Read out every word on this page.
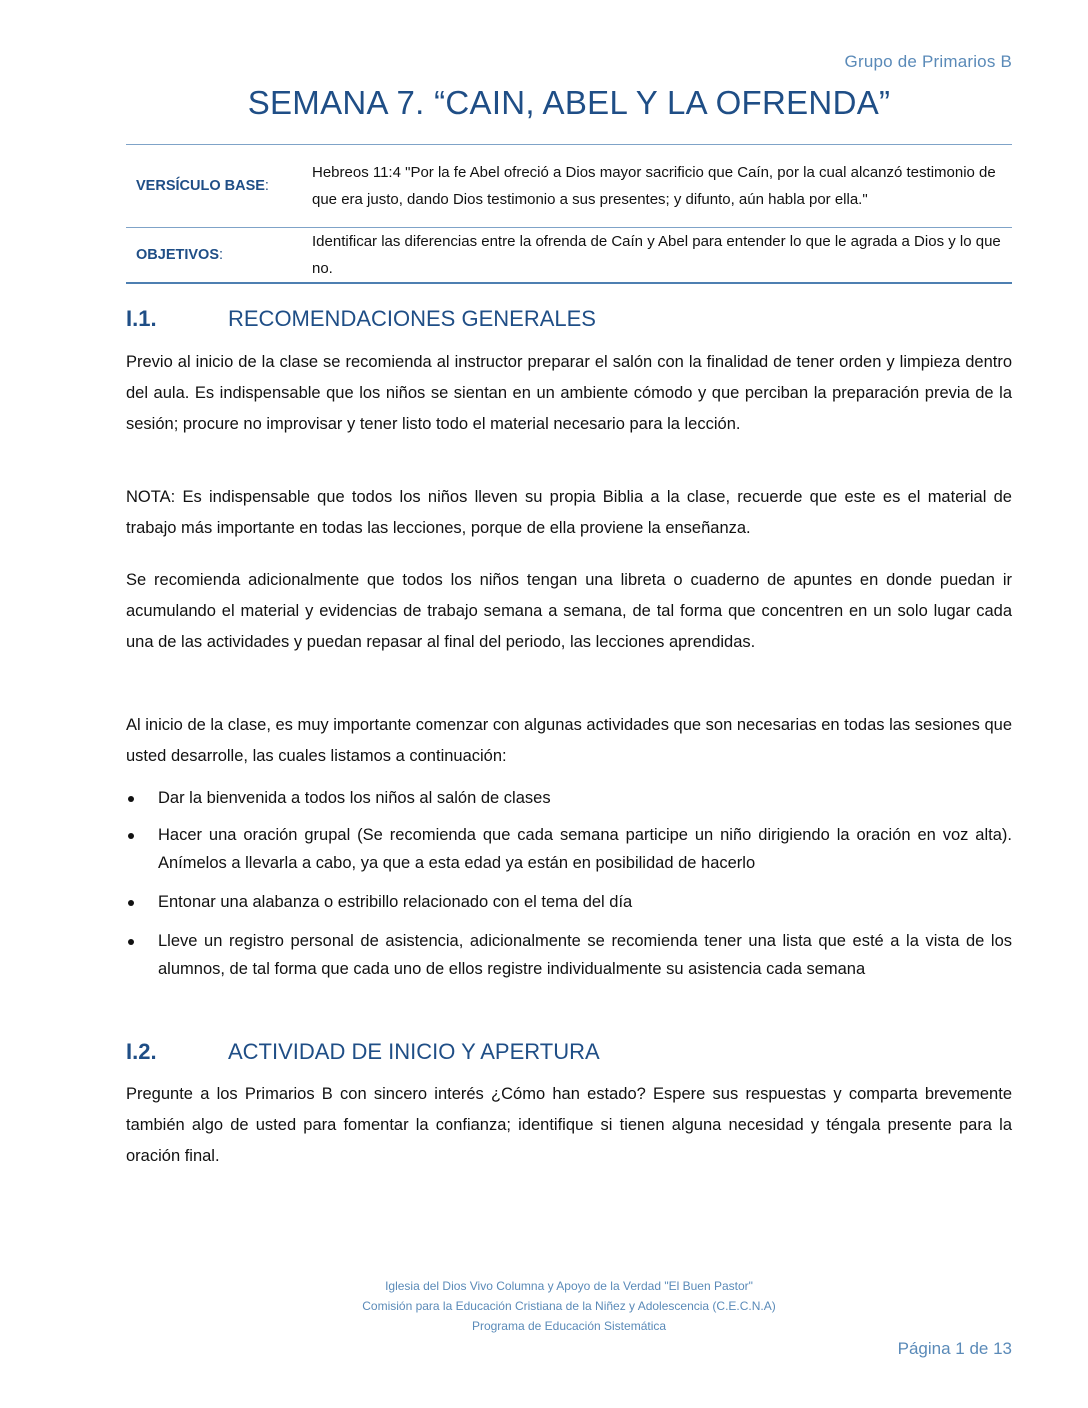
Grupo de Primarios B
SEMANA 7. “CAIN, ABEL Y LA OFRENDA”
VERSÍCULO BASE:	Hebreos 11:4 "Por la fe Abel ofreció a Dios mayor sacrificio que Caín, por la cual alcanzó testimonio de que era justo, dando Dios testimonio a sus presentes; y difunto, aún habla por ella."
OBJETIVOS:	Identificar las diferencias entre la ofrenda de Caín y Abel para entender lo que le agrada a Dios y lo que no.
I.1.	RECOMENDACIONES GENERALES

Previo al inicio de la clase se recomienda al instructor preparar el salón con la finalidad de tener orden y limpieza dentro del aula. Es indispensable que los niños se sientan en un ambiente cómodo y que perciban la preparación previa de la sesión; procure no improvisar y tener listo todo el material necesario para la lección.

NOTA: Es indispensable que todos los niños lleven su propia Biblia a la clase, recuerde que este es el material de trabajo más importante en todas las lecciones, porque de ella proviene la enseñanza.

Se recomienda adicionalmente que todos los niños tengan una libreta o cuaderno de apuntes en donde puedan ir acumulando el material y evidencias de trabajo semana a semana, de tal forma que concentren en un solo lugar cada una de las actividades y puedan repasar al final del periodo, las lecciones aprendidas.

Al inicio de la clase, es muy importante comenzar con algunas actividades que son necesarias en todas las sesiones que usted desarrolle, las cuales listamos a continuación:

Dar la bienvenida a todos los niños al salón de clases
Hacer una oración grupal (Se recomienda que cada semana participe un niño dirigiendo la oración en voz alta). Anímelos a llevarla a cabo, ya que a esta edad ya están en posibilidad de hacerlo
Entonar una alabanza o estribillo relacionado con el tema del día
Lleve un registro personal de asistencia, adicionalmente se recomienda tener una lista que esté a la vista de los alumnos, de tal forma que cada uno de ellos registre individualmente su asistencia cada semana
I.2.	ACTIVIDAD DE INICIO Y APERTURA

Pregunte a los Primarios B con sincero interés ¿Cómo han estado? Espere sus respuestas y comparta brevemente también algo de usted para fomentar la confianza; identifique si tienen alguna necesidad y téngala presente para la oración final.

Iglesia del Dios Vivo Columna y Apoyo de la Verdad "El Buen Pastor"
Comisión para la Educación Cristiana de la Niñez y Adolescencia (C.E.C.N.A)
Programa de Educación Sistemática
Página 1 de 13
